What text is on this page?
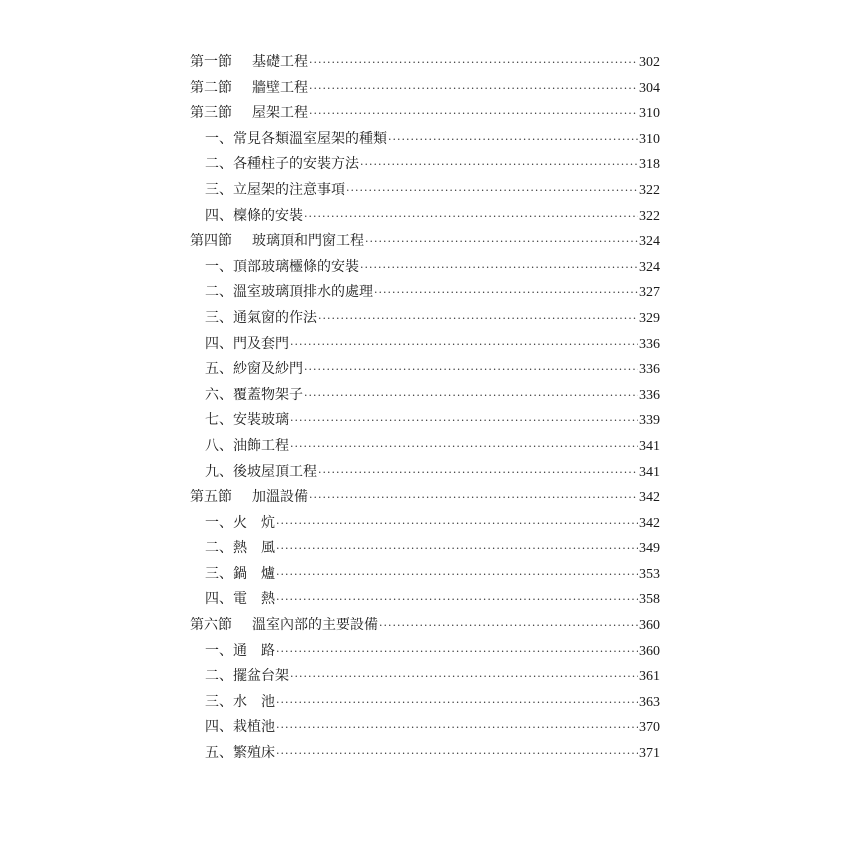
第一節 基礎工程 ·····	302
第二節 牆壁工程 ·····	304
第三節 屋架工程 ·····	310
一、常見各類溫室屋架的種類 ·····	310
二、各種柱子的安裝方法 ·····	318
三、立屋架的注意事項 ·····	322
四、檁條的安裝 ·····	322
第四節 玻璃頂和門窗工程 ·····	324
一、頂部玻璃欞條的安裝 ·····	324
二、溫室玻璃頂排水的處理 ·····	327
三、通氣窗的作法 ·····	329
四、門及套門 ·····	336
五、紗窗及紗門 ·····	336
六、覆蓋物架子 ·····	336
七、安裝玻璃 ·····	339
八、油飾工程 ·····	341
九、後坡屋頂工程 ·····	341
第五節 加溫設備 ·····	342
一、火　炕 ·····	342
二、熱　風 ·····	349
三、鍋　爐 ·····	353
四、電　熱 ·····	358
第六節 溫室內部的主要設備 ·····	360
一、通　路 ·····	360
二、擺盆台架 ·····	361
三、水　池 ·····	363
四、栽植池 ·····	370
五、繁殖床 ·····	371
